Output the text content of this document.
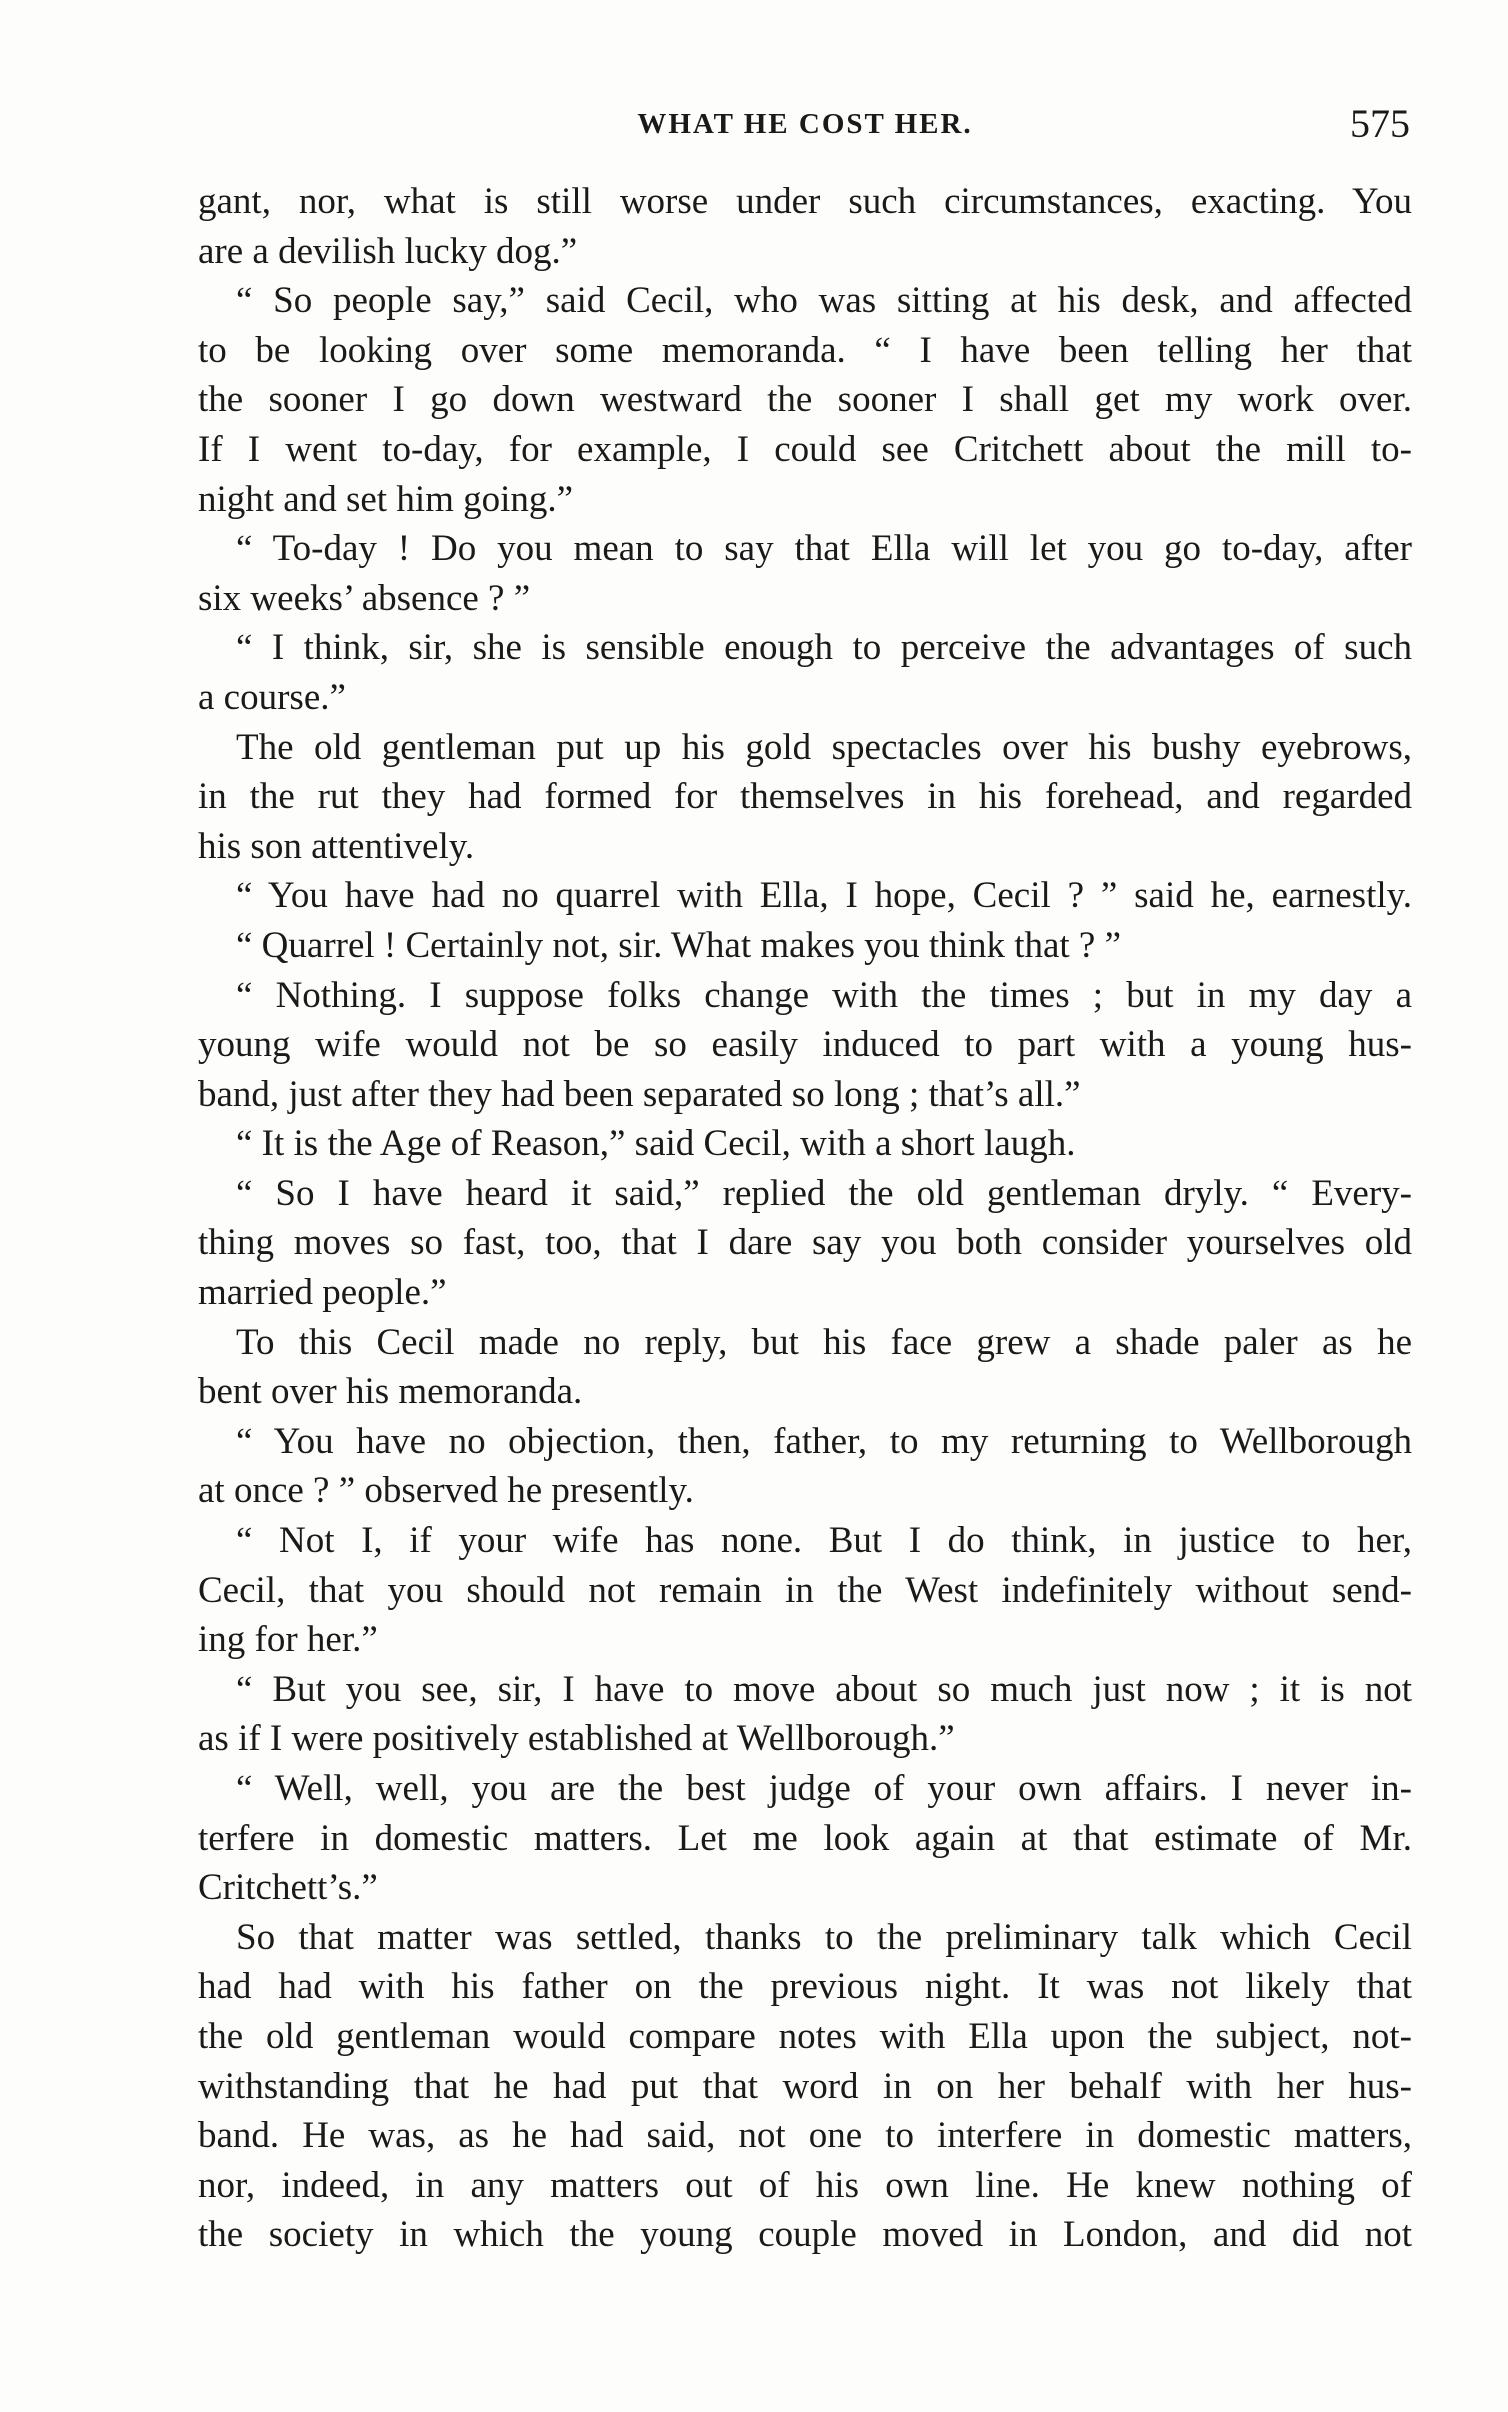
WHAT HE COST HER.	575
gant, nor, what is still worse under such circumstances, exacting. You
are a devilish lucky dog.”
“ So people say,” said Cecil, who was sitting at his desk, and affected
to be looking over some memoranda. “ I have been telling her that
the sooner I go down westward the sooner I shall get my work over.
If I went to-day, for example, I could see Critchett about the mill to-
night and set him going.”
“ To-day ! Do you mean to say that Ella will let you go to-day, after
six weeks’ absence ? ”
“ I think, sir, she is sensible enough to perceive the advantages of such
a course.”
The old gentleman put up his gold spectacles over his bushy eyebrows,
in the rut they had formed for themselves in his forehead, and regarded
his son attentively.
“ You have had no quarrel with Ella, I hope, Cecil ? ” said he, earnestly.
“ Quarrel ! Certainly not, sir. What makes you think that ? ”
“ Nothing. I suppose folks change with the times ; but in my day a
young wife would not be so easily induced to part with a young hus-
band, just after they had been separated so long ; that’s all.”
“ It is the Age of Reason,” said Cecil, with a short laugh.
“ So I have heard it said,” replied the old gentleman dryly. “ Every-
thing moves so fast, too, that I dare say you both consider yourselves old
married people.”
To this Cecil made no reply, but his face grew a shade paler as he
bent over his memoranda.
“ You have no objection, then, father, to my returning to Wellborough
at once ? ” observed he presently.
“ Not I, if your wife has none. But I do think, in justice to her,
Cecil, that you should not remain in the West indefinitely without send-
ing for her.”
“ But you see, sir, I have to move about so much just now ; it is not
as if I were positively established at Wellborough.”
“ Well, well, you are the best judge of your own affairs. I never in-
terfere in domestic matters. Let me look again at that estimate of Mr.
Critchett’s.”
So that matter was settled, thanks to the preliminary talk which Cecil
had had with his father on the previous night. It was not likely that
the old gentleman would compare notes with Ella upon the subject, not-
withstanding that he had put that word in on her behalf with her hus-
band. He was, as he had said, not one to interfere in domestic matters,
nor, indeed, in any matters out of his own line. He knew nothing of
the society in which the young couple moved in London, and did not
